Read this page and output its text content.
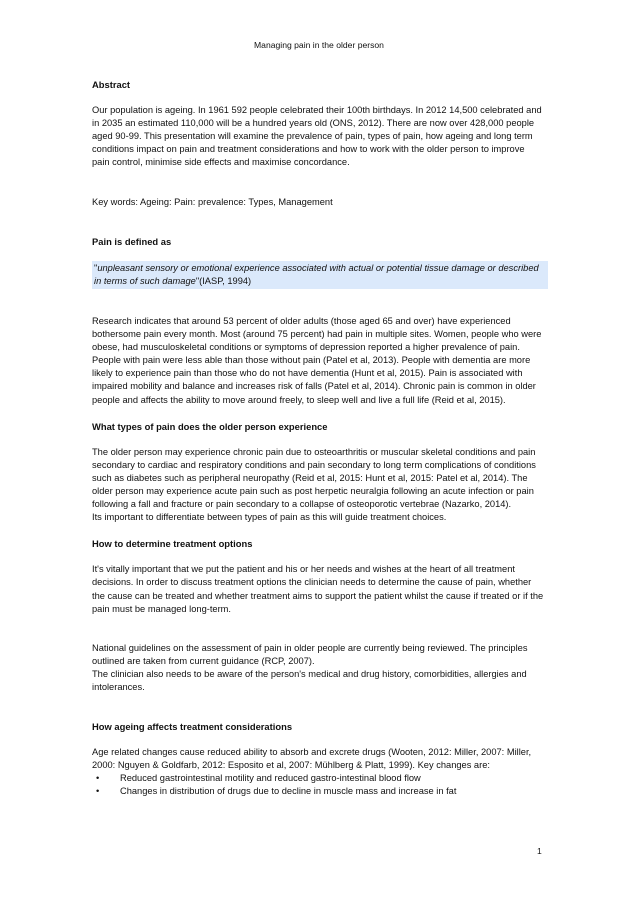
Managing pain in the older person

Abstract

Our population is ageing. In 1961 592 people celebrated their 100th birthdays. In 2012 14,500 celebrated and in 2035 an estimated 110,000 will be a hundred years old (ONS, 2012). There are now over 428,000 people aged 90-99. This presentation will examine the prevalence of pain, types of pain, how ageing and long term conditions impact on pain and treatment considerations and how to work with the older person to improve pain control, minimise side effects and maximise concordance.

Key words: Ageing: Pain: prevalence: Types, Management

Pain is defined as

"unpleasant sensory or emotional experience associated with actual or potential tissue damage or described in terms of such damage"(IASP, 1994)

Research indicates that around 53 percent of older adults (those aged 65 and over) have experienced bothersome pain every month. Most (around 75 percent) had pain in multiple sites. Women, people who were obese, had musculoskeletal conditions or symptoms of depression reported a higher prevalence of pain. People with pain were less able than those without pain (Patel et al, 2013). People with dementia are more likely to experience pain than those who do not have dementia (Hunt et al, 2015). Pain is associated with impaired mobility and balance and increases risk of falls (Patel et al, 2014). Chronic pain is common in older people and affects the ability to move around freely, to sleep well and live a full life (Reid et al, 2015).

What types of pain does the older person experience

The older person may experience chronic pain due to osteoarthritis or muscular skeletal conditions and pain secondary to cardiac and respiratory conditions and pain secondary to long term complications of conditions such as diabetes such as peripheral neuropathy (Reid et al, 2015: Hunt et al, 2015: Patel et al, 2014). The older person may experience acute pain such as post herpetic neuralgia following an acute infection or pain following a fall and fracture or pain secondary to a collapse of osteoporotic vertebrae (Nazarko, 2014).

Its important to differentiate between types of pain as this will guide treatment choices.

How to determine treatment options

It's vitally important that we put the patient and his or her needs and wishes at the heart of all treatment decisions. In order to discuss treatment options the clinician needs to determine the cause of pain, whether the cause can be treated and whether treatment aims to support the patient whilst the cause if treated or if the pain must be managed long-term.

National guidelines on the assessment of pain in older people are currently being reviewed. The principles outlined are taken from current guidance (RCP, 2007).

The clinician also needs to be aware of the person's medical and drug history, comorbidities, allergies and intolerances.

How ageing affects treatment considerations

Age related changes cause reduced ability to absorb and excrete drugs (Wooten, 2012: Miller, 2007: Miller, 2000: Nguyen & Goldfarb, 2012: Esposito et al, 2007: Mühlberg & Platt, 1999). Key changes are:

• Reduced gastrointestinal motility and reduced gastro-intestinal blood flow
• Changes in distribution of drugs due to decline in muscle mass and increase in fat
1
